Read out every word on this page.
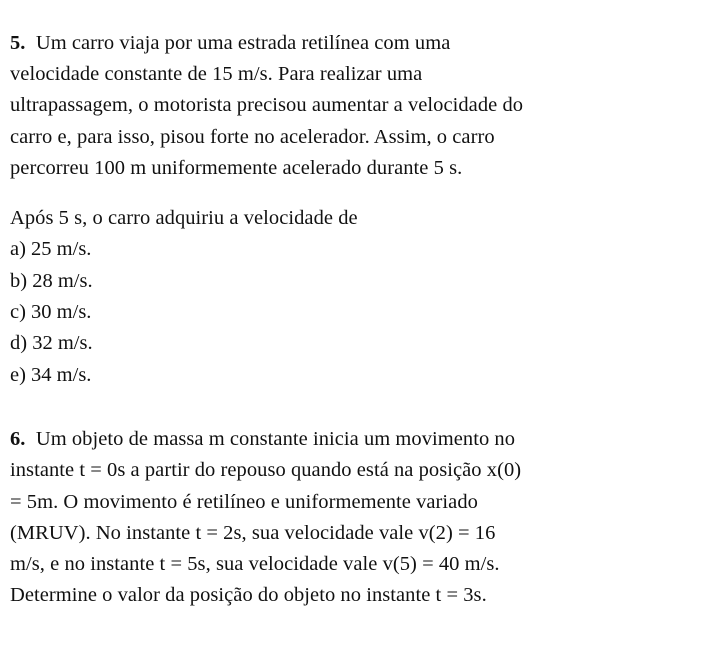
5. Um carro viaja por uma estrada retilínea com uma
velocidade constante de 15 m/s. Para realizar uma
ultrapassagem, o motorista precisou aumentar a velocidade do
carro e, para isso, pisou forte no acelerador. Assim, o carro
percorreu 100 m uniformemente acelerado durante 5 s.
Após 5 s, o carro adquiriu a velocidade de
a) 25 m/s.
b) 28 m/s.
c) 30 m/s.
d) 32 m/s.
e) 34 m/s.
6. Um objeto de massa m constante inicia um movimento no
instante t = 0s a partir do repouso quando está na posição x(0)
= 5m. O movimento é retilíneo e uniformemente variado
(MRUV). No instante t = 2s, sua velocidade vale v(2) = 16
m/s, e no instante t = 5s, sua velocidade vale v(5) = 40 m/s.
Determine o valor da posição do objeto no instante t = 3s.
